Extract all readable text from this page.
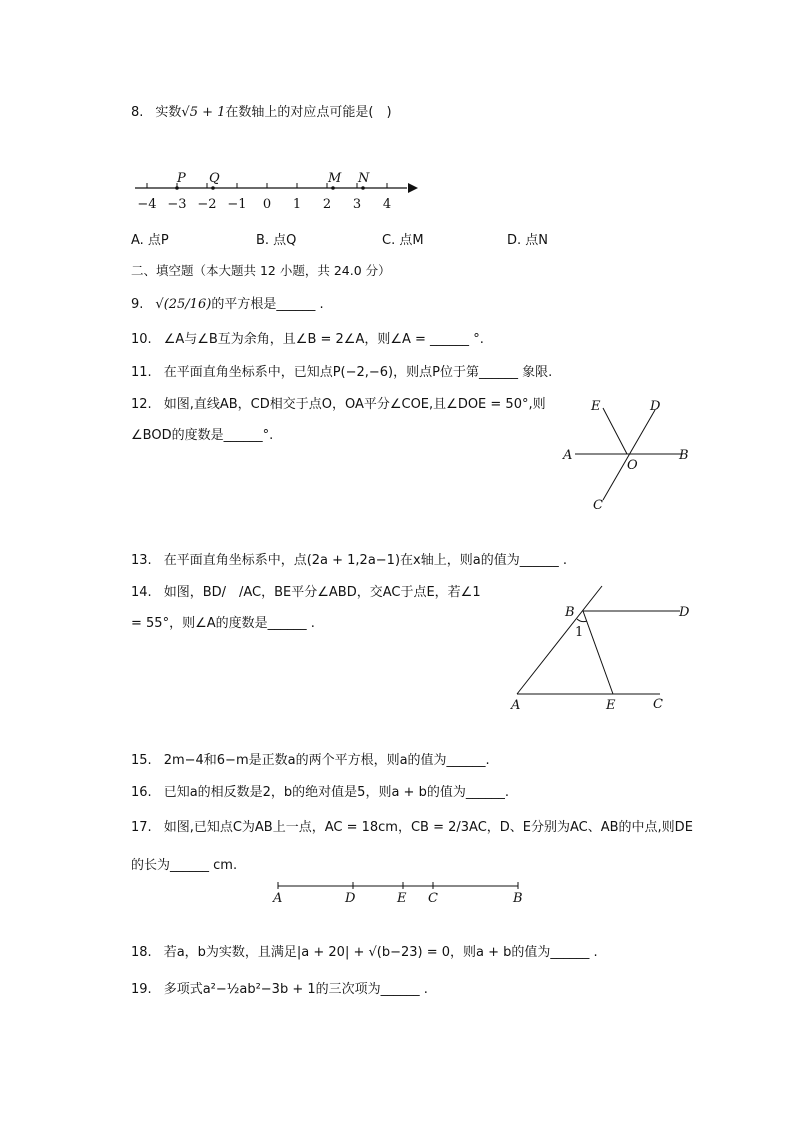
8. 实数√5 + 1在数轴上的对应点可能是(　)
−4 −3 −2 −1 0 1 2 3 4
P Q	M N
A. 点P	B. 点Q	C. 点M	D. 点N
二、填空题（本大题共 12 小题，共 24.0 分）
9. √(25/16)的平方根是______ .
10. ∠A与∠B互为余角，且∠B = 2∠A，则∠A = ______ °.
11. 在平面直角坐标系中，已知点P(−2,−6)，则点P位于第______ 象限.
12. 如图,直线AB，CD相交于点O，OA平分∠COE,且∠DOE = 50°,则
∠BOD的度数是______°.
E	D
A
O
B
C
13. 在平面直角坐标系中，点(2a + 1,2a−1)在x轴上，则a的值为______ .
14. 如图，BD/　/AC，BE平分∠ABD，交AC于点E，若∠1
= 55°，则∠A的度数是______ .
B	D
1
A	E	C
15. 2m−4和6−m是正数a的两个平方根，则a的值为______.
16. 已知a的相反数是2，b的绝对值是5，则a + b的值为______.
17. 如图,已知点C为AB上一点，AC = 18cm，CB = 2/3AC，D、E分别为AC、AB的中点,则DE
的长为______ cm.
A	D	E C	B
18. 若a，b为实数，且满足|a + 20| + √(b−23) = 0，则a + b的值为______ .
19. 多项式a²−½ab²−3b + 1的三次项为______ .
